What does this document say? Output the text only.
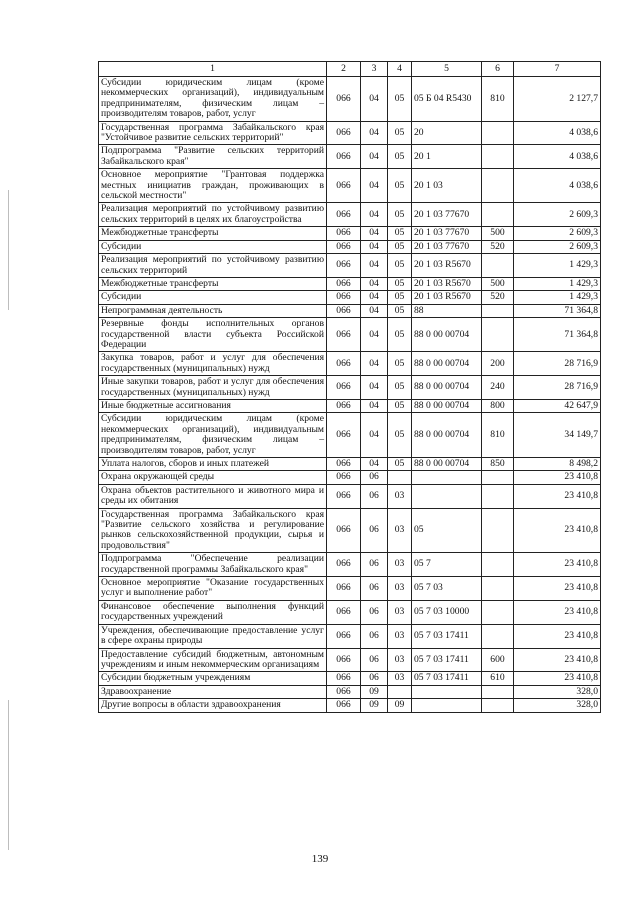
1	2	3	4	5	6	7
Субсидии юридическим лицам (кроме некоммерческих организаций), индивидуальным предпринимателям, физическим лицам – производителям товаров, работ, услуг	066	04	05	05 Б 04 R5430	810	2 127,7
Государственная программа Забайкальского края "Устойчивое развитие сельских территорий"	066	04	05	20		4 038,6
Подпрограмма "Развитие сельских территорий Забайкальского края"	066	04	05	20 1		4 038,6
Основное мероприятие "Грантовая поддержка местных инициатив граждан, проживающих в сельской местности"	066	04	05	20 1 03		4 038,6
Реализация мероприятий по устойчивому развитию сельских территорий в целях их благоустройства	066	04	05	20 1 03 77670		2 609,3
Межбюджетные трансферты	066	04	05	20 1 03 77670	500	2 609,3
Субсидии	066	04	05	20 1 03 77670	520	2 609,3
Реализация мероприятий по устойчивому развитию сельских территорий	066	04	05	20 1 03 R5670		1 429,3
Межбюджетные трансферты	066	04	05	20 1 03 R5670	500	1 429,3
Субсидии	066	04	05	20 1 03 R5670	520	1 429,3
Непрограммная деятельность	066	04	05	88		71 364,8
Резервные фонды исполнительных органов государственной власти субъекта Российской Федерации	066	04	05	88 0 00 00704		71 364,8
Закупка товаров, работ и услуг для обеспечения государственных (муниципальных) нужд	066	04	05	88 0 00 00704	200	28 716,9
Иные закупки товаров, работ и услуг для обеспечения государственных (муниципальных) нужд	066	04	05	88 0 00 00704	240	28 716,9
Иные бюджетные ассигнования	066	04	05	88 0 00 00704	800	42 647,9
Субсидии юридическим лицам (кроме некоммерческих организаций), индивидуальным предпринимателям, физическим лицам – производителям товаров, работ, услуг	066	04	05	88 0 00 00704	810	34 149,7
Уплата налогов, сборов и иных платежей	066	04	05	88 0 00 00704	850	8 498,2
Охрана окружающей среды	066	06				23 410,8
Охрана объектов растительного и животного мира и среды их обитания	066	06	03			23 410,8
Государственная программа Забайкальского края "Развитие сельского хозяйства и регулирование рынков сельскохозяйственной продукции, сырья и продовольствия"	066	06	03	05		23 410,8
Подпрограмма "Обеспечение реализации государственной программы Забайкальского края"	066	06	03	05 7		23 410,8
Основное мероприятие "Оказание государственных услуг и выполнение работ"	066	06	03	05 7 03		23 410,8
Финансовое обеспечение выполнения функций государственных учреждений	066	06	03	05 7 03 10000		23 410,8
Учреждения, обеспечивающие предоставление услуг в сфере охраны природы	066	06	03	05 7 03 17411		23 410,8
Предоставление субсидий бюджетным, автономным учреждениям и иным некоммерческим организациям	066	06	03	05 7 03 17411	600	23 410,8
Субсидии бюджетным учреждениям	066	06	03	05 7 03 17411	610	23 410,8
Здравоохранение	066	09				328,0
Другие вопросы в области здравоохранения	066	09	09			328,0
139
